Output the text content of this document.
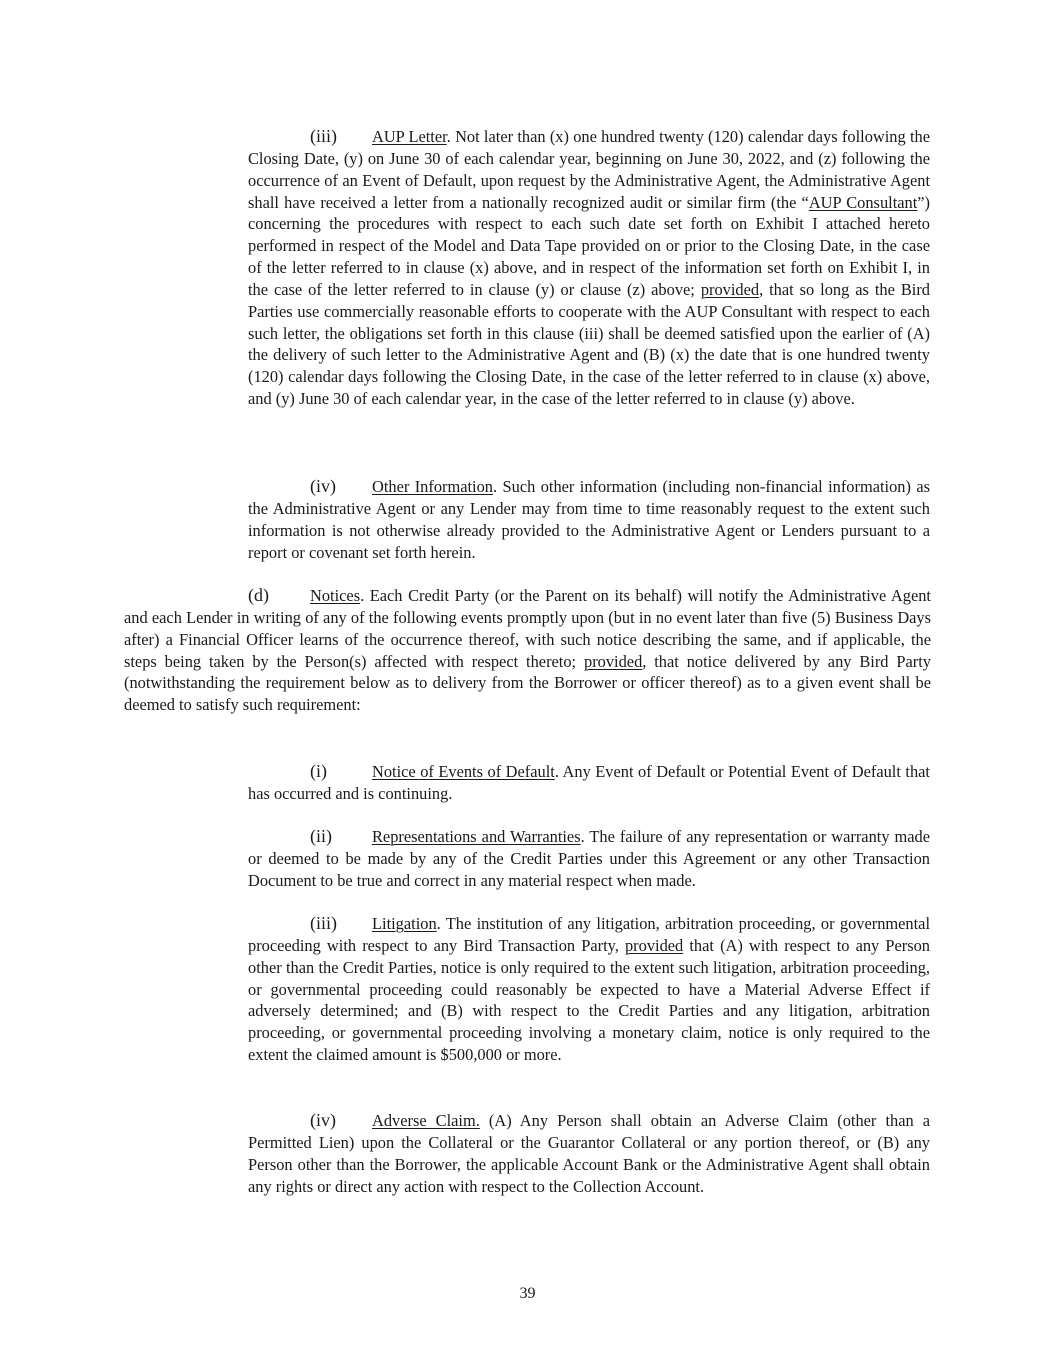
(iii) AUP Letter. Not later than (x) one hundred twenty (120) calendar days following the Closing Date, (y) on June 30 of each calendar year, beginning on June 30, 2022, and (z) following the occurrence of an Event of Default, upon request by the Administrative Agent, the Administrative Agent shall have received a letter from a nationally recognized audit or similar firm (the “AUP Consultant”) concerning the procedures with respect to each such date set forth on Exhibit I attached hereto performed in respect of the Model and Data Tape provided on or prior to the Closing Date, in the case of the letter referred to in clause (x) above, and in respect of the information set forth on Exhibit I, in the case of the letter referred to in clause (y) or clause (z) above; provided, that so long as the Bird Parties use commercially reasonable efforts to cooperate with the AUP Consultant with respect to each such letter, the obligations set forth in this clause (iii) shall be deemed satisfied upon the earlier of (A) the delivery of such letter to the Administrative Agent and (B) (x) the date that is one hundred twenty (120) calendar days following the Closing Date, in the case of the letter referred to in clause (x) above, and (y) June 30 of each calendar year, in the case of the letter referred to in clause (y) above.

(iv) Other Information. Such other information (including non-financial information) as the Administrative Agent or any Lender may from time to time reasonably request to the extent such information is not otherwise already provided to the Administrative Agent or Lenders pursuant to a report or covenant set forth herein.

(d)	Notices. Each Credit Party (or the Parent on its behalf) will notify the Administrative Agent and each Lender in writing of any of the following events promptly upon (but in no event later than five (5) Business Days after) a Financial Officer learns of the occurrence thereof, with such notice describing the same, and if applicable, the steps being taken by the Person(s) affected with respect thereto; provided, that notice delivered by any Bird Party (notwithstanding the requirement below as to delivery from the Borrower or officer thereof) as to a given event shall be deemed to satisfy such requirement:

(i)	Notice of Events of Default. Any Event of Default or Potential Event of Default that has occurred and is continuing.

(ii) Representations and Warranties. The failure of any representation or warranty made or deemed to be made by any of the Credit Parties under this Agreement or any other Transaction Document to be true and correct in any material respect when made.

(iii) Litigation. The institution of any litigation, arbitration proceeding, or governmental proceeding with respect to any Bird Transaction Party, provided that (A) with respect to any Person other than the Credit Parties, notice is only required to the extent such litigation, arbitration proceeding, or governmental proceeding could reasonably be expected to have a Material Adverse Effect if adversely determined; and (B) with respect to the Credit Parties and any litigation, arbitration proceeding, or governmental proceeding involving a monetary claim, notice is only required to the extent the claimed amount is $500,000 or more.

(iv) Adverse Claim. (A) Any Person shall obtain an Adverse Claim (other than a Permitted Lien) upon the Collateral or the Guarantor Collateral or any portion thereof, or (B) any Person other than the Borrower, the applicable Account Bank or the Administrative Agent shall obtain any rights or direct any action with respect to the Collection Account.

39
